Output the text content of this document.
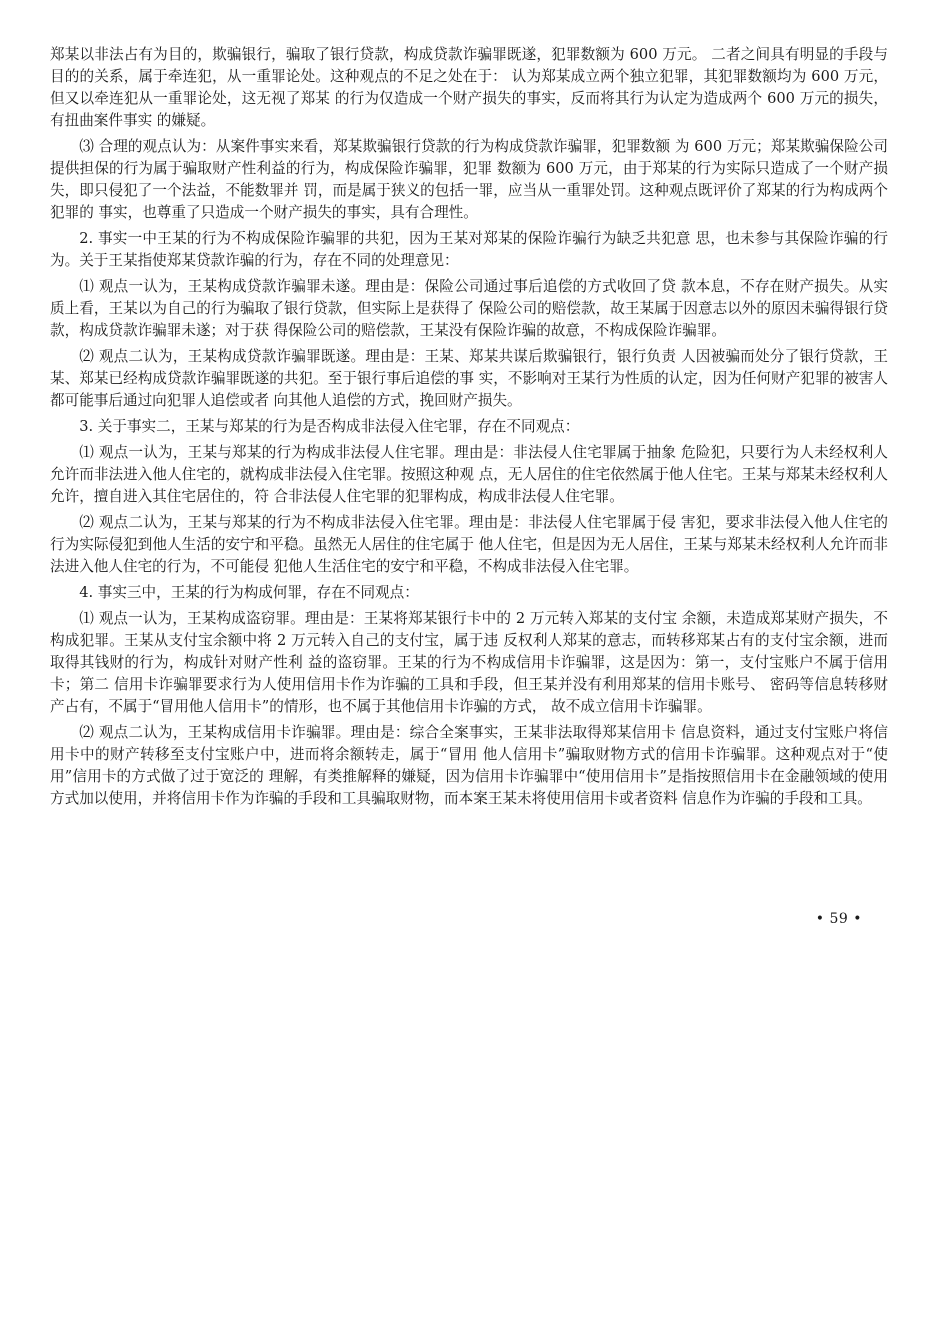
郑某以非法占有为目的，欺骗银行，骗取了银行贷款，构成贷款诈骗罪既遂，犯罪数额为 600 万元。 二者之间具有明显的手段与目的的关系，属于牵连犯，从一重罪论处。这种观点的不足之处在于： 认为郑某成立两个独立犯罪，其犯罪数额均为 600 万元，但又以牵连犯从一重罪论处，这无视了郑某 的行为仅造成一个财产损失的事实，反而将其行为认定为造成两个 600 万元的损失，有扭曲案件事实 的嫌疑。

⑶ 合理的观点认为：从案件事实来看，郑某欺骗银行贷款的行为构成贷款诈骗罪，犯罪数额 为 600 万元；郑某欺骗保险公司提供担保的行为属于骗取财产性利益的行为，构成保险诈骗罪，犯罪 数额为 600 万元，由于郑某的行为实际只造成了一个财产损失，即只侵犯了一个法益，不能数罪并 罚，而是属于狭义的包括一罪，应当从一重罪处罚。这种观点既评价了郑某的行为构成两个犯罪的 事实，也尊重了只造成一个财产损失的事实，具有合理性。

2. 事实一中王某的行为不构成保险诈骗罪的共犯，因为王某对郑某的保险诈骗行为缺乏共犯意 思，也未参与其保险诈骗的行为。关于王某指使郑某贷款诈骗的行为，存在不同的处理意见：

⑴ 观点一认为，王某构成贷款诈骗罪未遂。理由是：保险公司通过事后追偿的方式收回了贷 款本息，不存在财产损失。从实质上看，王某以为自己的行为骗取了银行贷款，但实际上是获得了 保险公司的赔偿款，故王某属于因意志以外的原因未骗得银行贷款，构成贷款诈骗罪未遂；对于获 得保险公司的赔偿款，王某没有保险诈骗的故意，不构成保险诈骗罪。

⑵ 观点二认为，王某构成贷款诈骗罪既遂。理由是：王某、郑某共谋后欺骗银行，银行负责 人因被骗而处分了银行贷款，王某、郑某已经构成贷款诈骗罪既遂的共犯。至于银行事后追偿的事 实，不影响对王某行为性质的认定，因为任何财产犯罪的被害人都可能事后通过向犯罪人追偿或者 向其他人追偿的方式，挽回财产损失。

3. 关于事实二，王某与郑某的行为是否构成非法侵入住宅罪，存在不同观点：

⑴ 观点一认为，王某与郑某的行为构成非法侵人住宅罪。理由是：非法侵人住宅罪属于抽象 危险犯，只要行为人未经权利人允许而非法进入他人住宅的，就构成非法侵入住宅罪。按照这种观 点，无人居住的住宅依然属于他人住宅。王某与郑某未经权利人允许，擅自进入其住宅居住的，符 合非法侵人住宅罪的犯罪构成，构成非法侵人住宅罪。

⑵ 观点二认为，王某与郑某的行为不构成非法侵入住宅罪。理由是：非法侵人住宅罪属于侵 害犯，要求非法侵入他人住宅的行为实际侵犯到他人生活的安宁和平稳。虽然无人居住的住宅属于 他人住宅，但是因为无人居住，王某与郑某未经权利人允许而非法进入他人住宅的行为，不可能侵 犯他人生活住宅的安宁和平稳，不构成非法侵入住宅罪。

4. 事实三中，王某的行为构成何罪，存在不同观点：

⑴ 观点一认为，王某构成盗窃罪。理由是：王某将郑某银行卡中的 2 万元转入郑某的支付宝 余额，未造成郑某财产损失，不构成犯罪。王某从支付宝余额中将 2 万元转入自己的支付宝，属于违 反权利人郑某的意志，而转移郑某占有的支付宝余额，进而取得其钱财的行为，构成针对财产性利 益的盗窃罪。王某的行为不构成信用卡诈骗罪，这是因为：第一，支付宝账户不属于信用卡；第二 信用卡诈骗罪要求行为人使用信用卡作为诈骗的工具和手段，但王某并没有利用郑某的信用卡账号、 密码等信息转移财产占有，不属于“冒用他人信用卡”的情形，也不属于其他信用卡诈骗的方式， 故不成立信用卡诈骗罪。

⑵ 观点二认为，王某构成信用卡诈骗罪。理由是：综合全案事实，王某非法取得郑某信用卡 信息资料，通过支付宝账户将信用卡中的财产转移至支付宝账户中，进而将余额转走，属于“冒用 他人信用卡”骗取财物方式的信用卡诈骗罪。这种观点对于“使用”信用卡的方式做了过于宽泛的 理解，有类推解释的嫌疑，因为信用卡诈骗罪中“使用信用卡”是指按照信用卡在金融领域的使用 方式加以使用，并将信用卡作为诈骗的手段和工具骗取财物，而本案王某未将使用信用卡或者资料 信息作为诈骗的手段和工具。

• 59 •
